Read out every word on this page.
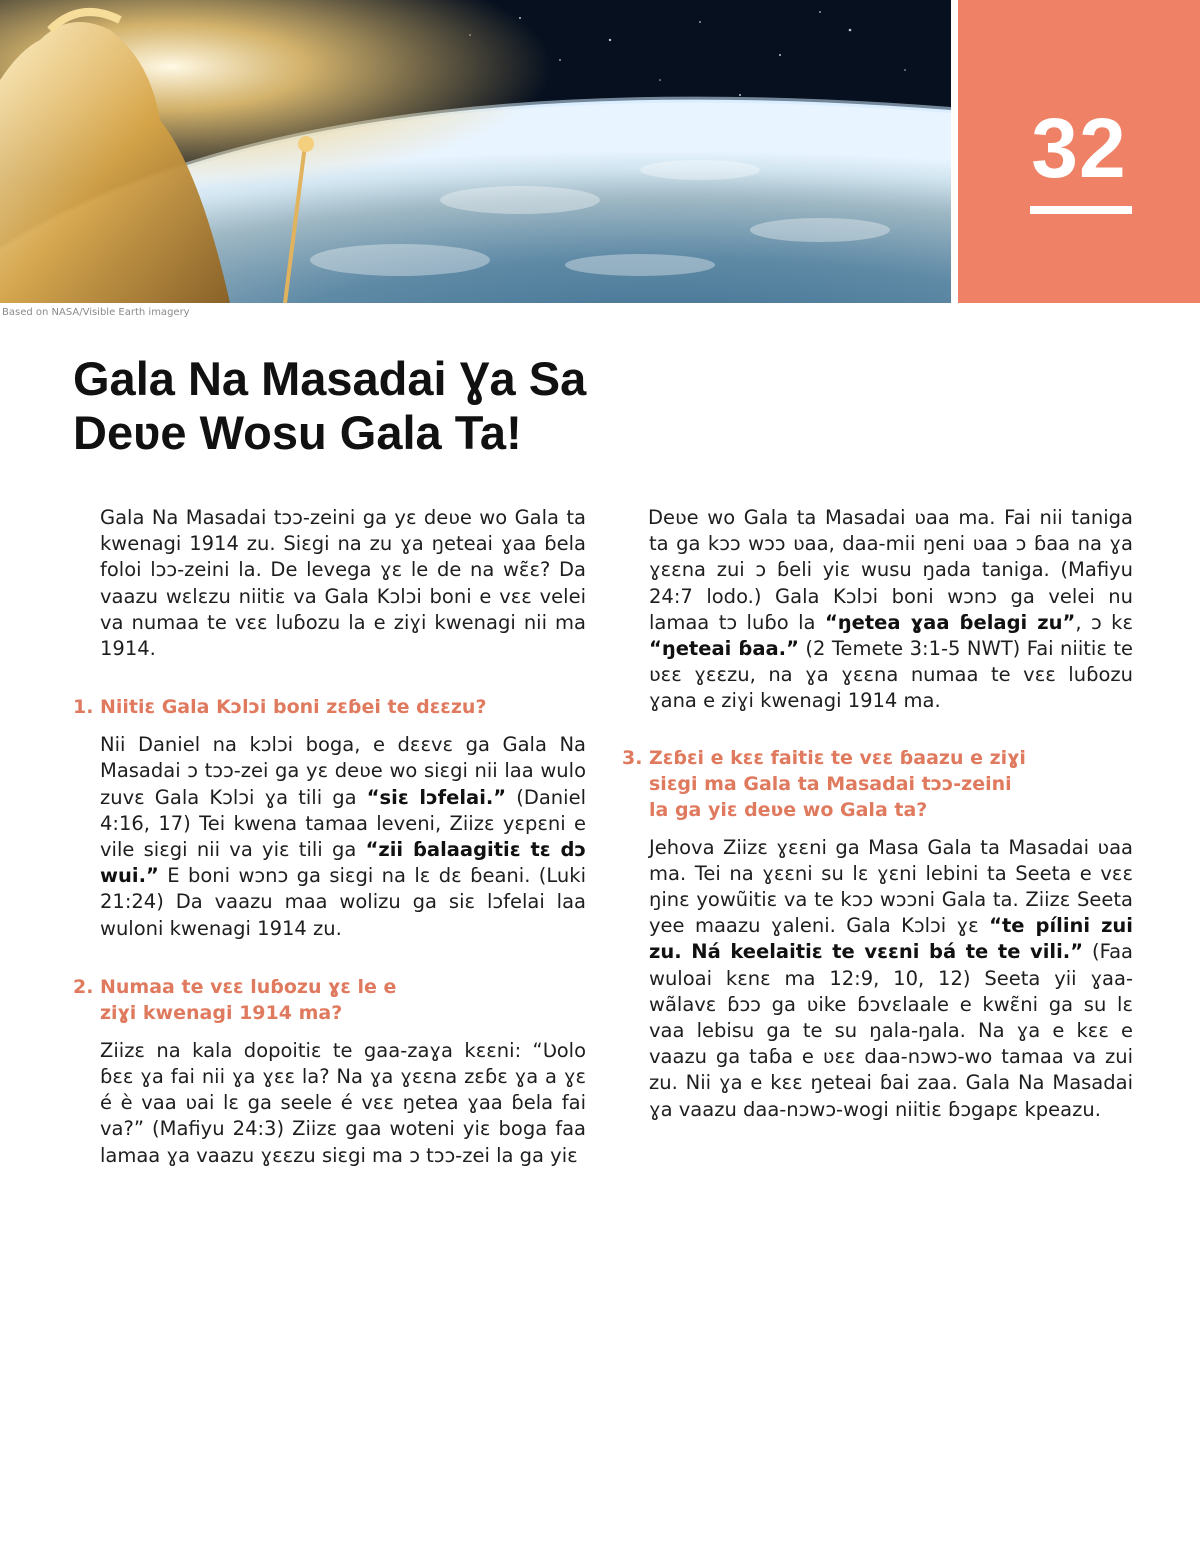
32
Based on NASA/Visible Earth imagery
Gala Na Masadai Ɣa Sa Deʋe Wosu Gala Ta!

Gala Na Masadai tɔɔ-zeini ga yɛ deʋe wo Gala ta kwenagi 1914 zu. Siɛgi na zu ɣa ŋeteai ɣaa ɓela foloi lɔɔ-zeini la. De levega ɣɛ le de na wɛ̃ɛ? Da vaazu wɛlɛzu niitiɛ va Gala Kɔlɔi boni e vɛɛ velei va numaa te vɛɛ luɓozu la e ziɣi kwenagi nii ma 1914.

1. Niitiɛ Gala Kɔlɔi boni zɛɓei te dɛɛzu?

Nii Daniel na kɔlɔi boga, e dɛɛvɛ ga Gala Na Masadai ɔ tɔɔ-zei ga yɛ deʋe wo siɛgi nii laa wulo zuvɛ Gala Kɔlɔi ɣa tili ga “siɛ lɔfelai.” (Daniel 4:16, 17) Tei kwena tamaa leveni, Ziizɛ yɛpɛni e vile siɛgi nii va yiɛ tili ga “zii ɓalaagitiɛ tɛ dɔ wui.” E boni wɔnɔ ga siɛgi na lɛ dɛ ɓeani. (Luki 21:24) Da vaazu maa wolizu ga siɛ lɔfelai laa wuloni kwenagi 1914 zu.

2. Numaa te vɛɛ luɓozu ɣɛ le e ziɣi kwenagi 1914 ma?

Ziizɛ na kala dopoitiɛ te gaa-zaɣa kɛɛni: “Ʋolo ɓɛɛ ɣa fai nii ɣa ɣɛɛ la? Na ɣa ɣɛɛna zɛɓɛ ɣa a ɣɛ é è vaa ʋai lɛ ga seele é vɛɛ ŋetea ɣaa ɓela fai va?” (Mafiyu 24:3) Ziizɛ gaa woteni yiɛ boga faa lamaa ɣa vaazu ɣɛɛzu siɛgi ma ɔ tɔɔ-zei la ga yiɛ

Deʋe wo Gala ta Masadai ʋaa ma. Fai nii taniga ta ga kɔɔ wɔɔ ʋaa, daa-mii ŋeni ʋaa ɔ ɓaa na ɣa ɣɛɛna zui ɔ ɓeli yiɛ wusu ŋada taniga. (Mafiyu 24:7 lodo.) Gala Kɔlɔi boni wɔnɔ ga velei nu lamaa tɔ luɓo la “ŋetea ɣaa ɓelagi zu”, ɔ kɛ “ŋeteai ɓaa.” (2 Temete 3:1-5 NWT) Fai niitiɛ te ʋɛɛ ɣɛɛzu, na ɣa ɣɛɛna numaa te vɛɛ luɓozu ɣana e ziɣi kwenagi 1914 ma.

3. Zɛɓɛi e kɛɛ faitiɛ te vɛɛ ɓaazu e ziɣi siɛgi ma Gala ta Masadai tɔɔ-zeini la ga yiɛ deʋe wo Gala ta?

Jehova Ziizɛ ɣɛɛni ga Masa Gala ta Masadai ʋaa ma. Tei na ɣɛɛni su lɛ ɣɛni lebini ta Seeta e vɛɛ ŋinɛ yowũitiɛ va te kɔɔ wɔɔni Gala ta. Ziizɛ Seeta yee maazu ɣaleni. Gala Kɔlɔi ɣɛ “te pílini zui zu. Ná keelaitiɛ te vɛɛni bá te te vili.” (Faa wuloai kɛnɛ ma 12:9, 10, 12) Seeta yii ɣaa-wãlavɛ ɓɔɔ ga ʋike ɓɔvɛlaale e kwɛ̃ni ga su lɛ vaa lebisu ga te su ŋala-ŋala. Na ɣa e kɛɛ e vaazu ga taɓa e ʋɛɛ daa-nɔwɔ-wo tamaa va zui zu. Nii ɣa e kɛɛ ŋeteai ɓai zaa. Gala Na Masadai ɣa vaazu daa-nɔwɔ-wogi niitiɛ ɓɔgapɛ kpeazu.
